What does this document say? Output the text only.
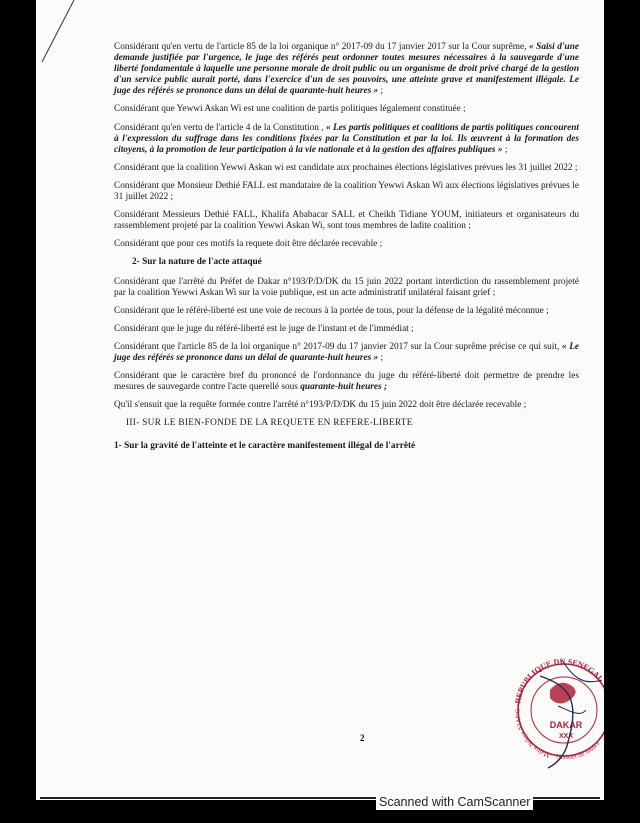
Considérant qu'en vertu de l'article 85 de la loi organique n° 2017-09 du 17 janvier 2017 sur la Cour suprême, « Saisi d'une demande justifiée par l'urgence, le juge des référés peut ordonner toutes mesures nécessaires à la sauvegarde d'une liberté fondamentale à laquelle une personne morale de droit public ou un organisme de droit privé chargé de la gestion d'un service public aurait porté, dans l'exercice d'un de ses pouvoirs, une atteinte grave et manifestement illégale. Le juge des référés se prononce dans un délai de quarante-huit heures » ;
Considérant que Yewwi Askan Wi est une coalition de partis politiques légalement constituée ;
Considérant qu'en vertu de l'article 4 de la Constitution , « Les partis politiques et coalitions de partis politiques concourent à l'expression du suffrage dans les conditions fixées par la Constitution et par la loi. Ils œuvrent à la formation des citoyens, à la promotion de leur participation à la vie nationale et à la gestion des affaires publiques » ;
Considérant que la coalition Yewwi Askan wi est candidate aux prochaines élections législatives prévues les 31 juillet 2022 ;
Considérant que Monsieur Dethié FALL est mandataire de la coalition Yewwi Askan Wi aux élections législatives prévues le 31 juillet 2022 ;
Considérant Messieurs Dethié FALL, Khalifa Ababacar SALL et Cheikh Tidiane YOUM, initiateurs et organisateurs du rassemblement projeté par la coalition Yewwi Askan Wi, sont tous membres de ladite coalition ;
Considérant que pour ces motifs la requete doit être déclarée recevable ;
2- Sur la nature de l'acte attaqué
Considérant que l'arrêté du Préfet de Dakar n°193/P/D/DK du 15 juin 2022 portant interdiction du rassemblement projeté par la coalition Yewwi Askan Wi sur la voie publique, est un acte administratif unilatéral faisant grief ;
Considérant que le référé-liberté est une voie de recours à la portée de tous, pour la défense de la légalité méconnue ;
Considérant que le juge du référé-liberté est le juge de l'instant et de l'immédiat ;
Considérant que l'article 85 de la loi organique n° 2017-09 du 17 janvier 2017 sur la Cour suprême précise ce qui suit, « Le juge des référés se prononce dans un délai de quarante-huit heures » ;
Considérant que le caractère bref du prononcé de l'ordonnance du juge du référé-liberté doit permettre de prendre les mesures de sauvegarde contre l'acte querellé sous quarante-huit heures ;
Qu'il s'ensuit que la requête formée contre l'arrêté n°193/P/D/DK du 15 juin 2022 doit être déclarée recevable ;
III- SUR LE BIEN-FONDE DE LA REQUETE EN REFERE-LIBERTE
1- Sur la gravité de l'atteinte et le caractère manifestement illégal de l'arrêté
2
REPUBLIQUE DU SENEGAL
Maître Ndeye NIANG
Huissier de Justice
DAKAR
XXX
Scanned with CamScanner
